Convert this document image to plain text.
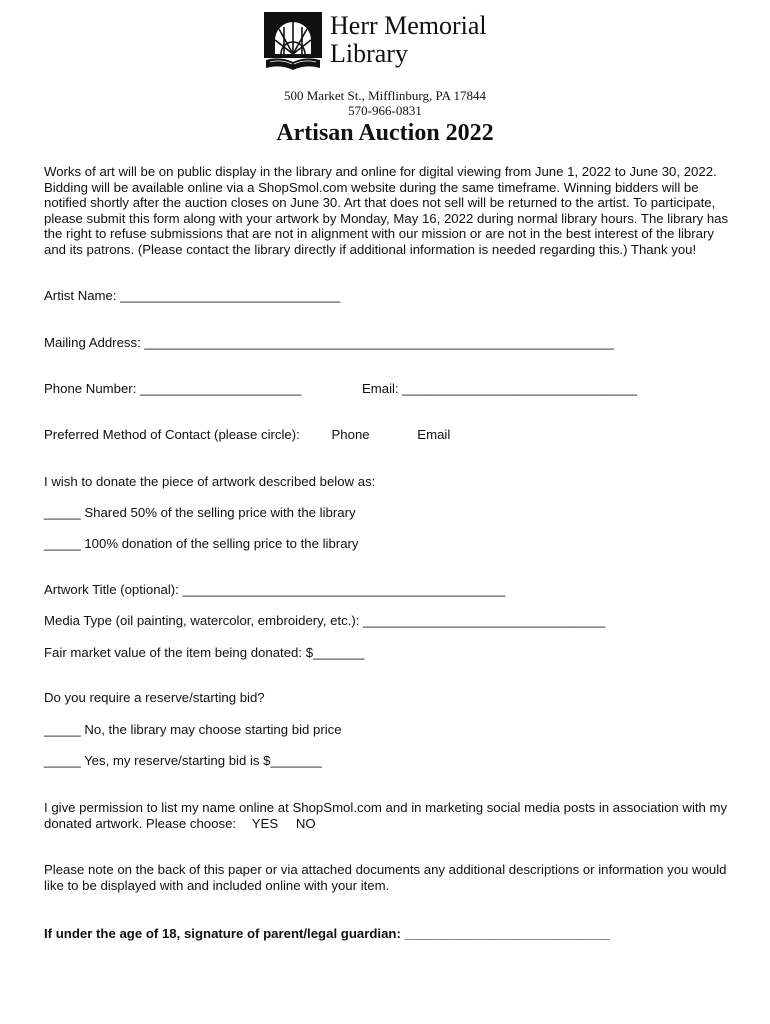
Herr Memorial
Library
500 Market St., Mifflinburg, PA 17844
570-966-0831
Artisan Auction 2022
Works of art will be on public display in the library and online for digital viewing from June 1, 2022 to June 30, 2022. Bidding will be available online via a ShopSmol.com website during the same timeframe. Winning bidders will be notified shortly after the auction closes on June 30. Art that does not sell will be returned to the artist. To participate, please submit this form along with your artwork by Monday, May 16, 2022 during normal library hours. The library has the right to refuse submissions that are not in alignment with our mission or are not in the best interest of the library and its patrons. (Please contact the library directly if additional information is needed regarding this.) Thank you!
Artist Name: ______________________________
Mailing Address: ________________________________________________________________
Phone Number: ______________________	Email: ________________________________
Preferred Method of Contact (please circle): Phone	Email
I wish to donate the piece of artwork described below as:
_____ Shared 50% of the selling price with the library
_____ 100% donation of the selling price to the library
Artwork Title (optional): ____________________________________________
Media Type (oil painting, watercolor, embroidery, etc.): _________________________________
Fair market value of the item being donated: $_______
Do you require a reserve/starting bid?
_____ No, the library may choose starting bid price
_____ Yes, my reserve/starting bid is $_______
I give permission to list my name online at ShopSmol.com and in marketing social media posts in association with my donated artwork. Please choose: YES NO
Please note on the back of this paper or via attached documents any additional descriptions or information you would like to be displayed with and included online with your item.
If under the age of 18, signature of parent/legal guardian: ____________________________
